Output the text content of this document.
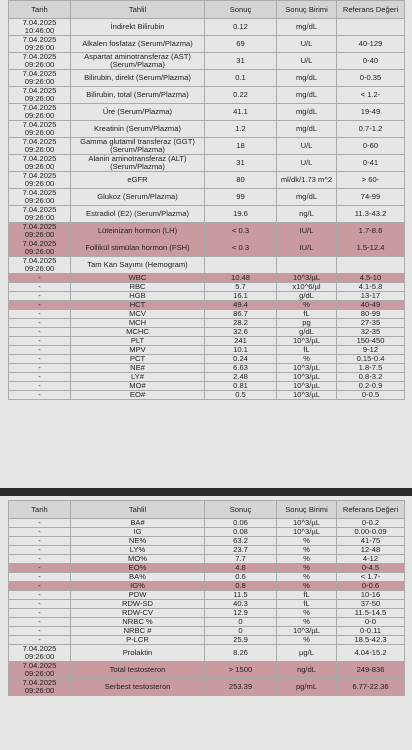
Tarih	Tahlil	Sonuç	Sonuç Birimi	Referans Değeri
7.04.2025 10:46:00	İndirekt Bilirubin	0.12	mg/dL	
7.04.2025 09:26:00	Alkalen fosfataz (Serum/Plazma)	69	U/L	40-129
7.04.2025 09:26:00	Aspartat aminotransferaz (AST) (Serum/Plazma)	31	U/L	0-40
7.04.2025 09:26:00	Bilirubin, direkt (Serum/Plazma)	0.1	mg/dL	0-0.35
7.04.2025 09:26:00	Bilirubin, total (Serum/Plazma)	0.22	mg/dL	< 1.2-
7.04.2025 09:26:00	Üre (Serum/Plazma)	41.1	mg/dL	19-49
7.04.2025 09:26:00	Kreatinin (Serum/Plazma)	1.2	mg/dL	0.7-1.2
7.04.2025 09:26:00	Gamma glutamil transferaz (GGT) (Serum/Plazma)	18	U/L	0-60
7.04.2025 09:26:00	Alanin aminotransferaz (ALT) (Serum/Plazma)	31	U/L	0-41
7.04.2025 09:26:00	eGFR	80	ml/dk/1.73 m^2	> 60-
7.04.2025 09:26:00	Glukoz (Serum/Plazma)	99	mg/dL	74-99
7.04.2025 09:26:00	Estradiol (E2) (Serum/Plazma)	19.6	ng/L	11.3-43.2
7.04.2025 09:26:00	Lüteinizan hormon (LH)	< 0.3	IU/L	1.7-8.6
7.04.2025 09:26:00	Follikül stimülan hormon (FSH)	< 0.3	IU/L	1.5-12.4
7.04.2025 09:26:00	Tam Kan Sayımı (Hemogram)			
-	WBC	10.48	10^3/µL	4.5-10
-	RBC	5.7	x10^6/µl	4.1-5.8
-	HGB	16.1	g/dL	13-17
-	HCT	49.4	%	40-49
-	MCV	86.7	fL	80-99
-	MCH	28.2	pg	27-35
-	MCHC	32.6	g/dL	32-35
-	PLT	241	10^3/µL	150-450
-	MPV	10.1	fL	9-12
-	PCT	0.24	%	0.15-0.4
-	NE#	6.63	10^3/µL	1.8-7.5
-	LY#	2.48	10^3/µL	0.8-3.2
-	MO#	0.81	10^3/µL	0.2-0.9
-	EO#	0.5	10^3/µL	0-0.5
Tarih	Tahlil	Sonuç	Sonuç Birimi	Referans Değeri
-	BA#	0.06	10^3/µL	0-0.2
-	IG	0.08	10^3/µL	0.00-0.09
-	NE%	63.2	%	41-75
-	LY%	23.7	%	12-48
-	MO%	7.7	%	4-12
-	EO%	4.8	%	0-4.5
-	BA%	0.6	%	< 1.7-
-	IG%	0.8	%	0-0.6
-	PDW	11.5	fL	10-16
-	RDW-SD	40.3	fL	37-50
-	RDW-CV	12.9	%	11.5-14.5
-	NRBC %	0	%	0-0
-	NRBC #	0	10^3/µL	0-0.11
-	P-LCR	25.9	%	18.5-42.3
7.04.2025 09:26:00	Prolaktin	8.26	µg/L	4.04-15.2
7.04.2025 09:26:00	Total testosteron	> 1500	ng/dL	249-836
7.04.2025 09:26:00	Serbest testosteron	253.39	pg/mL	6.77-22.36
